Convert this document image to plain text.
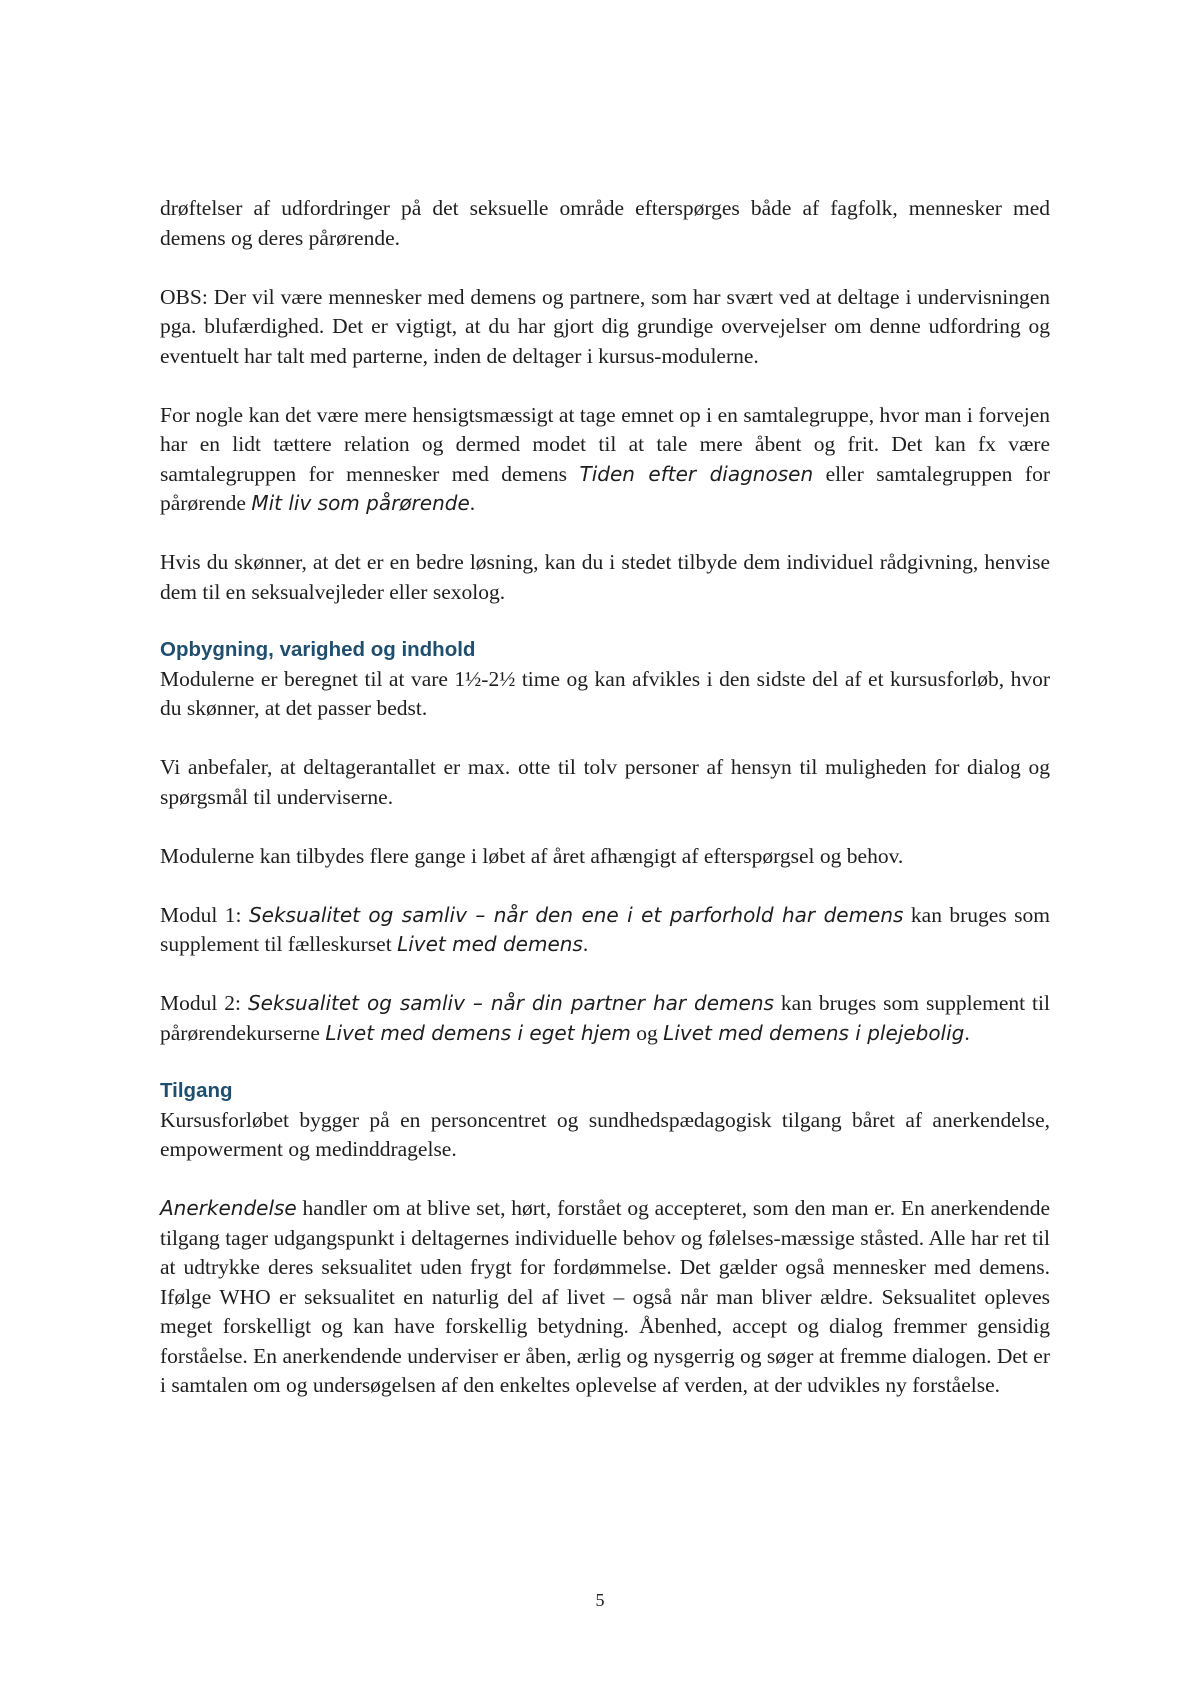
drøftelser af udfordringer på det seksuelle område efterspørges både af fagfolk, mennesker med demens og deres pårørende.

OBS: Der vil være mennesker med demens og partnere, som har svært ved at deltage i undervisningen pga. blufærdighed. Det er vigtigt, at du har gjort dig grundige overvejelser om denne udfordring og eventuelt har talt med parterne, inden de deltager i kursus-modulerne.

For nogle kan det være mere hensigtsmæssigt at tage emnet op i en samtalegruppe, hvor man i forvejen har en lidt tættere relation og dermed modet til at tale mere åbent og frit. Det kan fx være samtalegruppen for mennesker med demens Tiden efter diagnosen eller samtalegruppen for pårørende Mit liv som pårørende.

Hvis du skønner, at det er en bedre løsning, kan du i stedet tilbyde dem individuel rådgivning, henvise dem til en seksualvejleder eller sexolog.

Opbygning, varighed og indhold

Modulerne er beregnet til at vare 1½-2½ time og kan afvikles i den sidste del af et kursusforløb, hvor du skønner, at det passer bedst.

Vi anbefaler, at deltagerantallet er max. otte til tolv personer af hensyn til muligheden for dialog og spørgsmål til underviserne.

Modulerne kan tilbydes flere gange i løbet af året afhængigt af efterspørgsel og behov.

Modul 1: Seksualitet og samliv – når den ene i et parforhold har demens kan bruges som supplement til fælleskurset Livet med demens.

Modul 2: Seksualitet og samliv – når din partner har demens kan bruges som supplement til pårørendekurserne Livet med demens i eget hjem og Livet med demens i plejebolig.

Tilgang

Kursusforløbet bygger på en personcentret og sundhedspædagogisk tilgang båret af anerkendelse, empowerment og medinddragelse.

Anerkendelse handler om at blive set, hørt, forstået og accepteret, som den man er. En anerkendende tilgang tager udgangspunkt i deltagernes individuelle behov og følelses-mæssige ståsted. Alle har ret til at udtrykke deres seksualitet uden frygt for fordømmelse. Det gælder også mennesker med demens. Ifølge WHO er seksualitet en naturlig del af livet – også når man bliver ældre. Seksualitet opleves meget forskelligt og kan have forskellig betydning. Åbenhed, accept og dialog fremmer gensidig forståelse. En anerkendende underviser er åben, ærlig og nysgerrig og søger at fremme dialogen. Det er i samtalen om og undersøgelsen af den enkeltes oplevelse af verden, at der udvikles ny forståelse.

5
